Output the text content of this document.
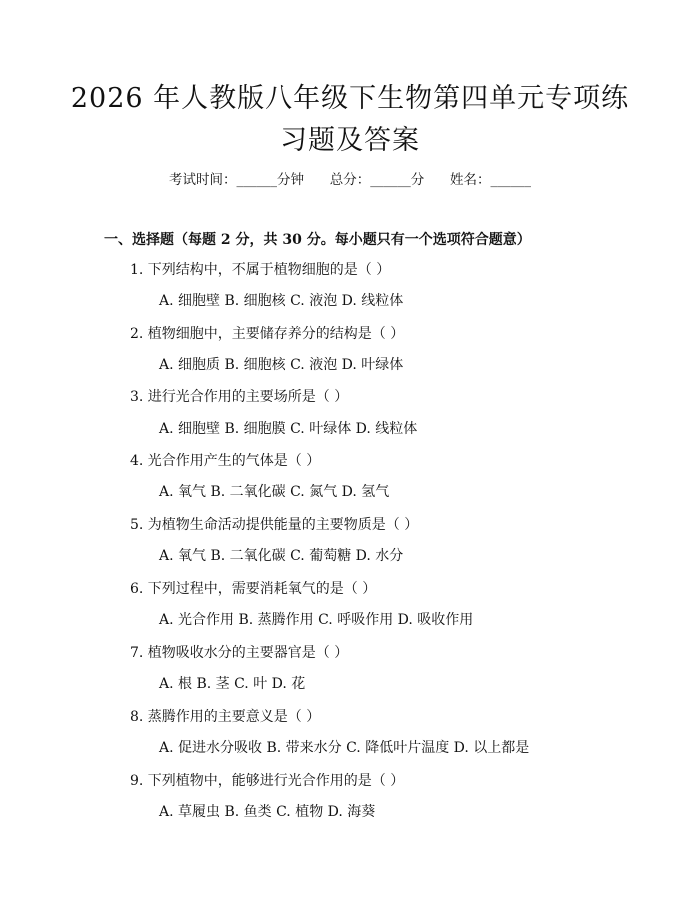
2026 年人教版八年级下生物第四单元专项练习题及答案
考试时间：______分钟      总分：______分      姓名：______
一、选择题（每题 2 分，共 30 分。每小题只有一个选项符合题意）
1. 下列结构中，不属于植物细胞的是（ ）
A. 细胞壁 B. 细胞核 C. 液泡 D. 线粒体
2. 植物细胞中，主要储存养分的结构是（ ）
A. 细胞质 B. 细胞核 C. 液泡 D. 叶绿体
3. 进行光合作用的主要场所是（ ）
A. 细胞壁 B. 细胞膜 C. 叶绿体 D. 线粒体
4. 光合作用产生的气体是（ ）
A. 氧气 B. 二氧化碳 C. 氮气 D. 氢气
5. 为植物生命活动提供能量的主要物质是（ ）
A. 氧气 B. 二氧化碳 C. 葡萄糖 D. 水分
6. 下列过程中，需要消耗氧气的是（ ）
A. 光合作用 B. 蒸腾作用 C. 呼吸作用 D. 吸收作用
7. 植物吸收水分的主要器官是（ ）
A. 根 B. 茎 C. 叶 D. 花
8. 蒸腾作用的主要意义是（ ）
A. 促进水分吸收 B. 带来水分 C. 降低叶片温度 D. 以上都是
9. 下列植物中，能够进行光合作用的是（ ）
A. 草履虫 B. 鱼类 C. 植物 D. 海葵
